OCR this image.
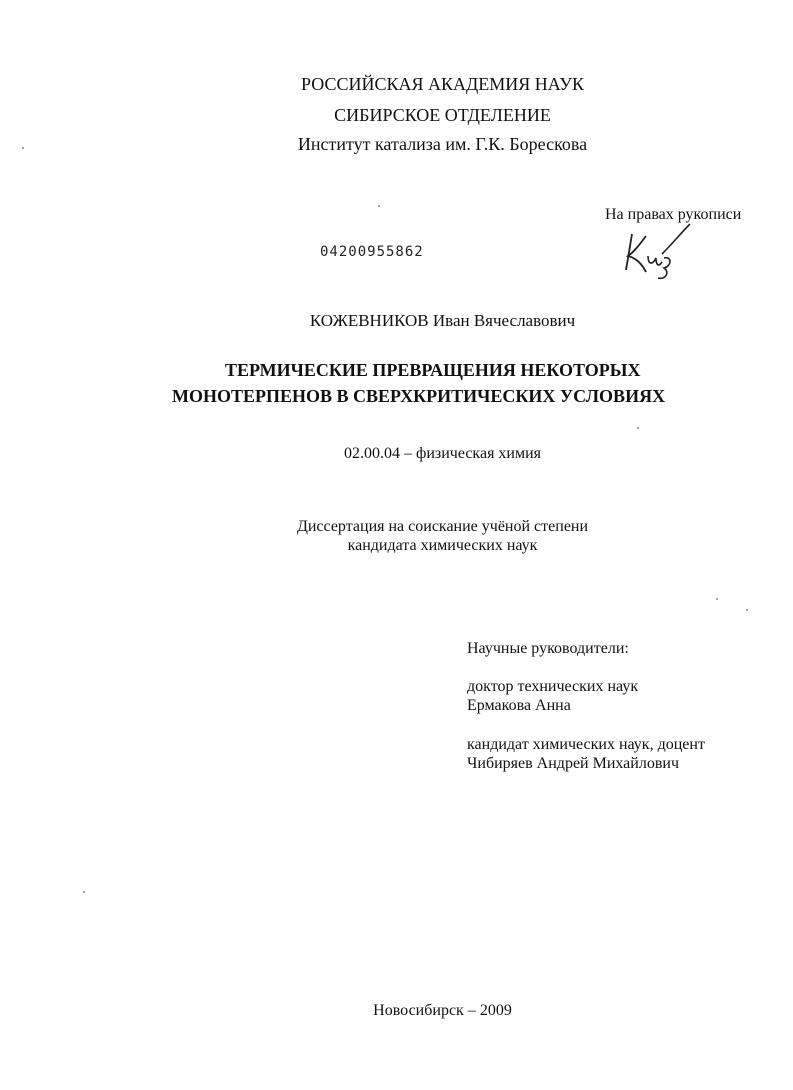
РОССИЙСКАЯ АКАДЕМИЯ НАУК
СИБИРСКОЕ ОТДЕЛЕНИЕ
Институт катализа им. Г.К. Борескова
На правах рукописи
04200955862
КОЖЕВНИКОВ Иван Вячеславович
ТЕРМИЧЕСКИЕ ПРЕВРАЩЕНИЯ НЕКОТОРЫХ
МОНОТЕРПЕНОВ В СВЕРХКРИТИЧЕСКИХ УСЛОВИЯХ
02.00.04 – физическая химия
Диссертация на соискание учёной степени
кандидата химических наук
Научные руководители:
доктор технических наук
Ермакова Анна
кандидат химических наук, доцент
Чибиряев Андрей Михайлович
Новосибирск – 2009
